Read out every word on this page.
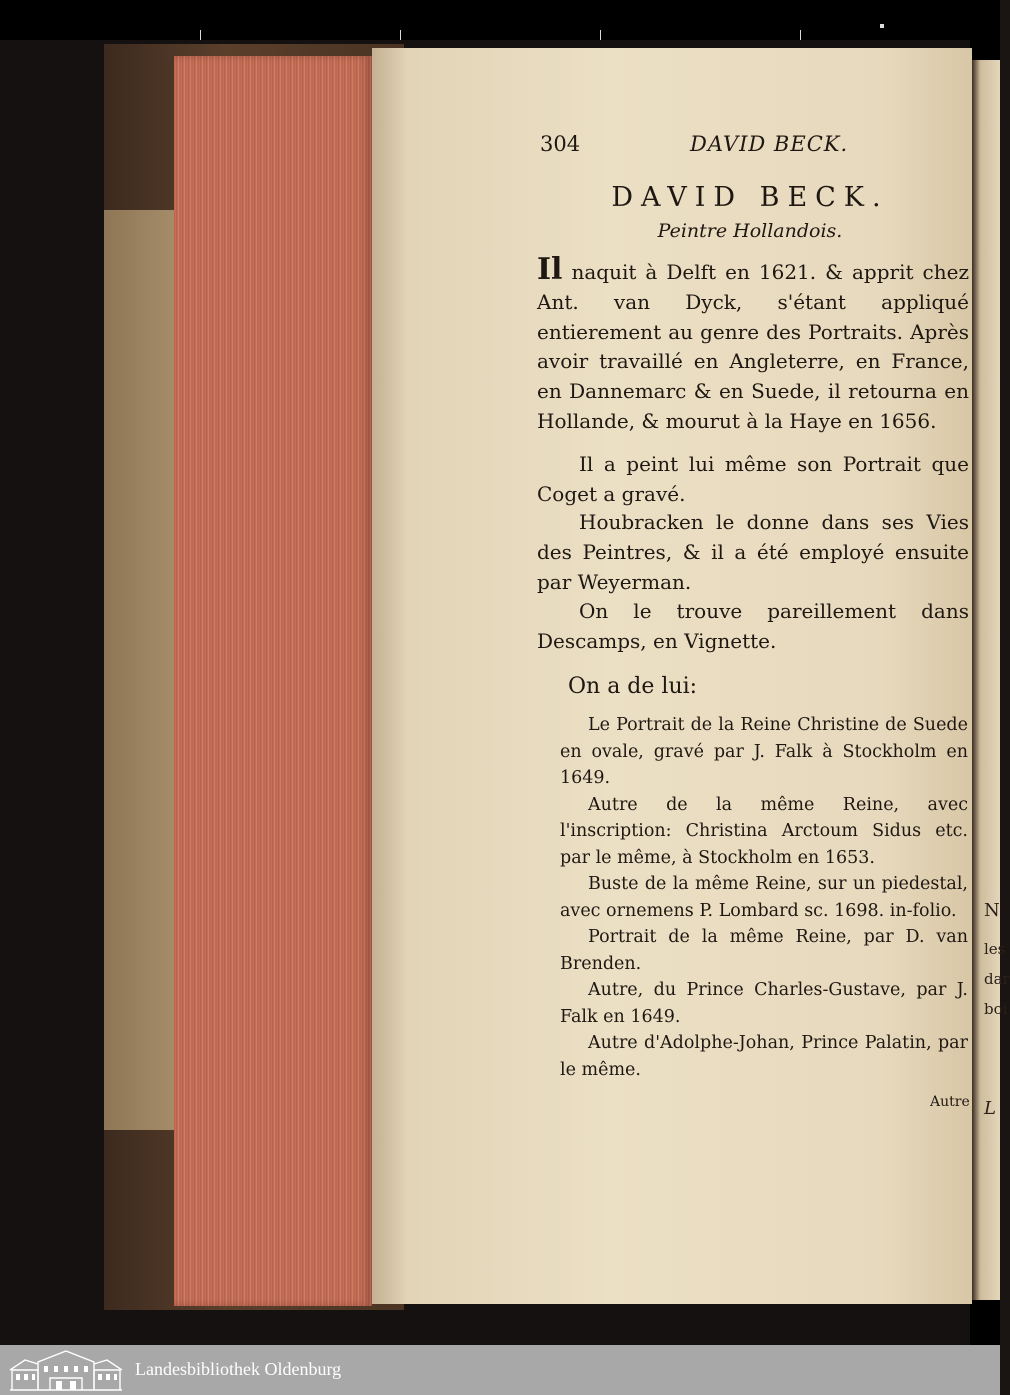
N
les
dar
boi
L
304	DAVID BECK.
DAVID BECK.
Peintre Hollandois.
Il naquit à Delft en 1621. & apprit chez Ant. van Dyck, s'étant appliqué entierement au genre des Portraits. Après avoir travaillé en Angleterre, en France, en Dannemarc & en Suede, il retourna en Hollande, & mourut à la Haye en 1656.
Il a peint lui même son Portrait que Coget a gravé.
Houbracken le donne dans ses Vies des Peintres, & il a été employé ensuite par Weyerman.
On le trouve pareillement dans Descamps, en Vignette.
On a de lui:
Le Portrait de la Reine Christine de Suede en ovale, gravé par J. Falk à Stockholm en 1649.
Autre de la même Reine, avec l'inscription: Christina Arctoum Sidus etc. par le même, à Stockholm en 1653.
Buste de la même Reine, sur un piedestal, avec ornemens P. Lombard sc. 1698. in-folio.
Portrait de la même Reine, par D. van Brenden.
Autre, du Prince Charles-Gustave, par J. Falk en 1649.
Autre d'Adolphe-Johan, Prince Palatin, par le même.
Autre
Landesbibliothek Oldenburg
